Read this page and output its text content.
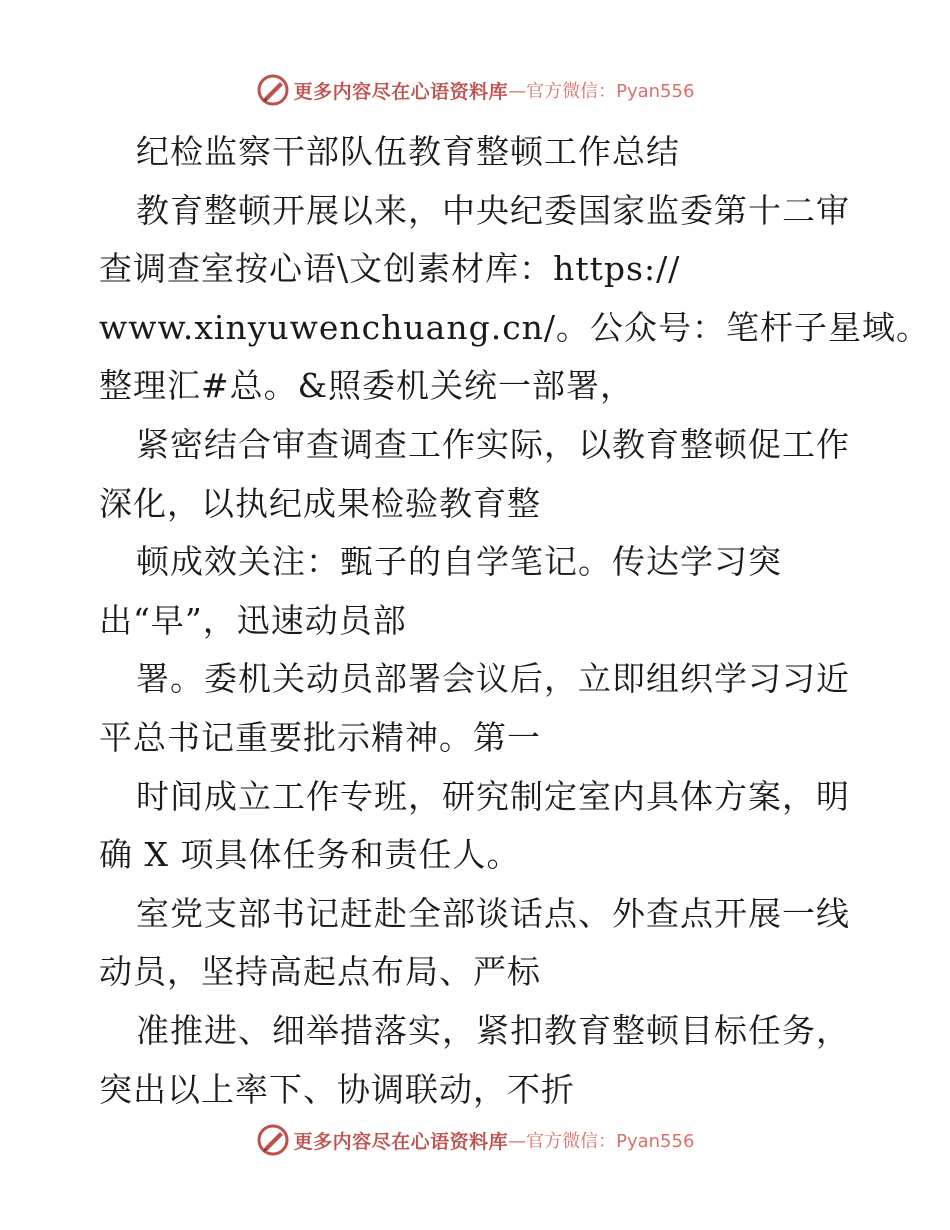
更多内容尽在心语资料库 —官方微信：Pyan556
纪检监察干部队伍教育整顿工作总结
教育整顿开展以来，中央纪委国家监委第十二审
查调查室按心语\文创素材库：https://
www.xinyuwenchuang.cn/。公众号：笔杆子星域。
整理汇#总。&照委机关统一部署，
紧密结合审查调查工作实际，以教育整顿促工作
深化，以执纪成果检验教育整
顿成效关注：甄子的自学笔记。传达学习突
出“早”，迅速动员部
署。委机关动员部署会议后，立即组织学习习近
平总书记重要批示精神。第一
时间成立工作专班，研究制定室内具体方案，明
确 X 项具体任务和责任人。
室党支部书记赶赴全部谈话点、外查点开展一线
动员，坚持高起点布局、严标
准推进、细举措落实，紧扣教育整顿目标任务，
突出以上率下、协调联动，不折
更多内容尽在心语资料库 —官方微信：Pyan556
